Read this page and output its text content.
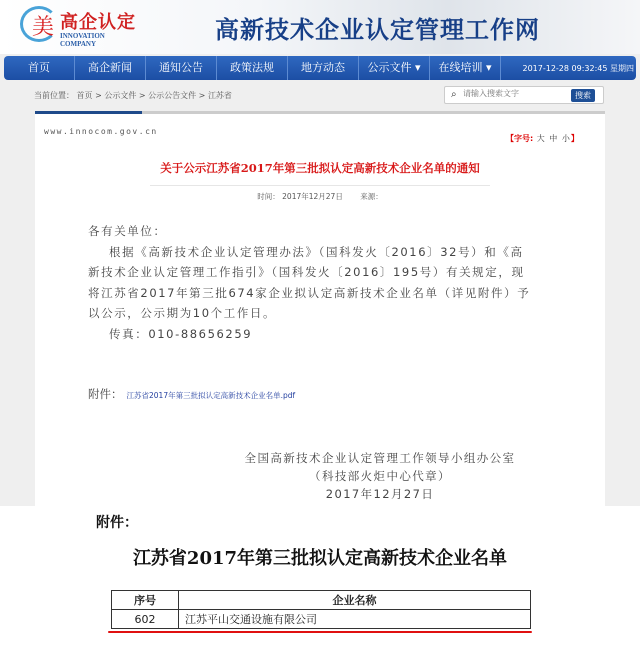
美 高企认定
INNOVATION COMPANY	高新技术企业认定管理工作网
首页	高企新闻	通知公告	政策法规	地方动态	公示文件 ▾	在线培训 ▾	2017-12-28 09:32:45 星期四
当前位置： 首页 > 公示文件 > 公示公告文件 > 江苏省	⌕
请输入搜索文字	搜索
www.innocom.gov.cn
【字号: 大 中 小】
关于公示江苏省2017年第三批拟认定高新技术企业名单的通知
时间： 2017年12月27日　　 来源：
各有关单位：
根据《高新技术企业认定管理办法》（国科发火〔2016〕32号）和《高
新技术企业认定管理工作指引》（国科发火〔2016〕195号）有关规定，现
将江苏省2017年第三批674家企业拟认定高新技术企业名单（详见附件）予
以公示，公示期为10个工作日。
传真：010-88656259
附件： 江苏省2017年第三批拟认定高新技术企业名单.pdf
全国高新技术企业认定管理工作领导小组办公室
（科技部火炬中心代章）
2017年12月27日
附件：
江苏省2017年第三批拟认定高新技术企业名单
序号	企业名称
602	江苏平山交通设施有限公司
